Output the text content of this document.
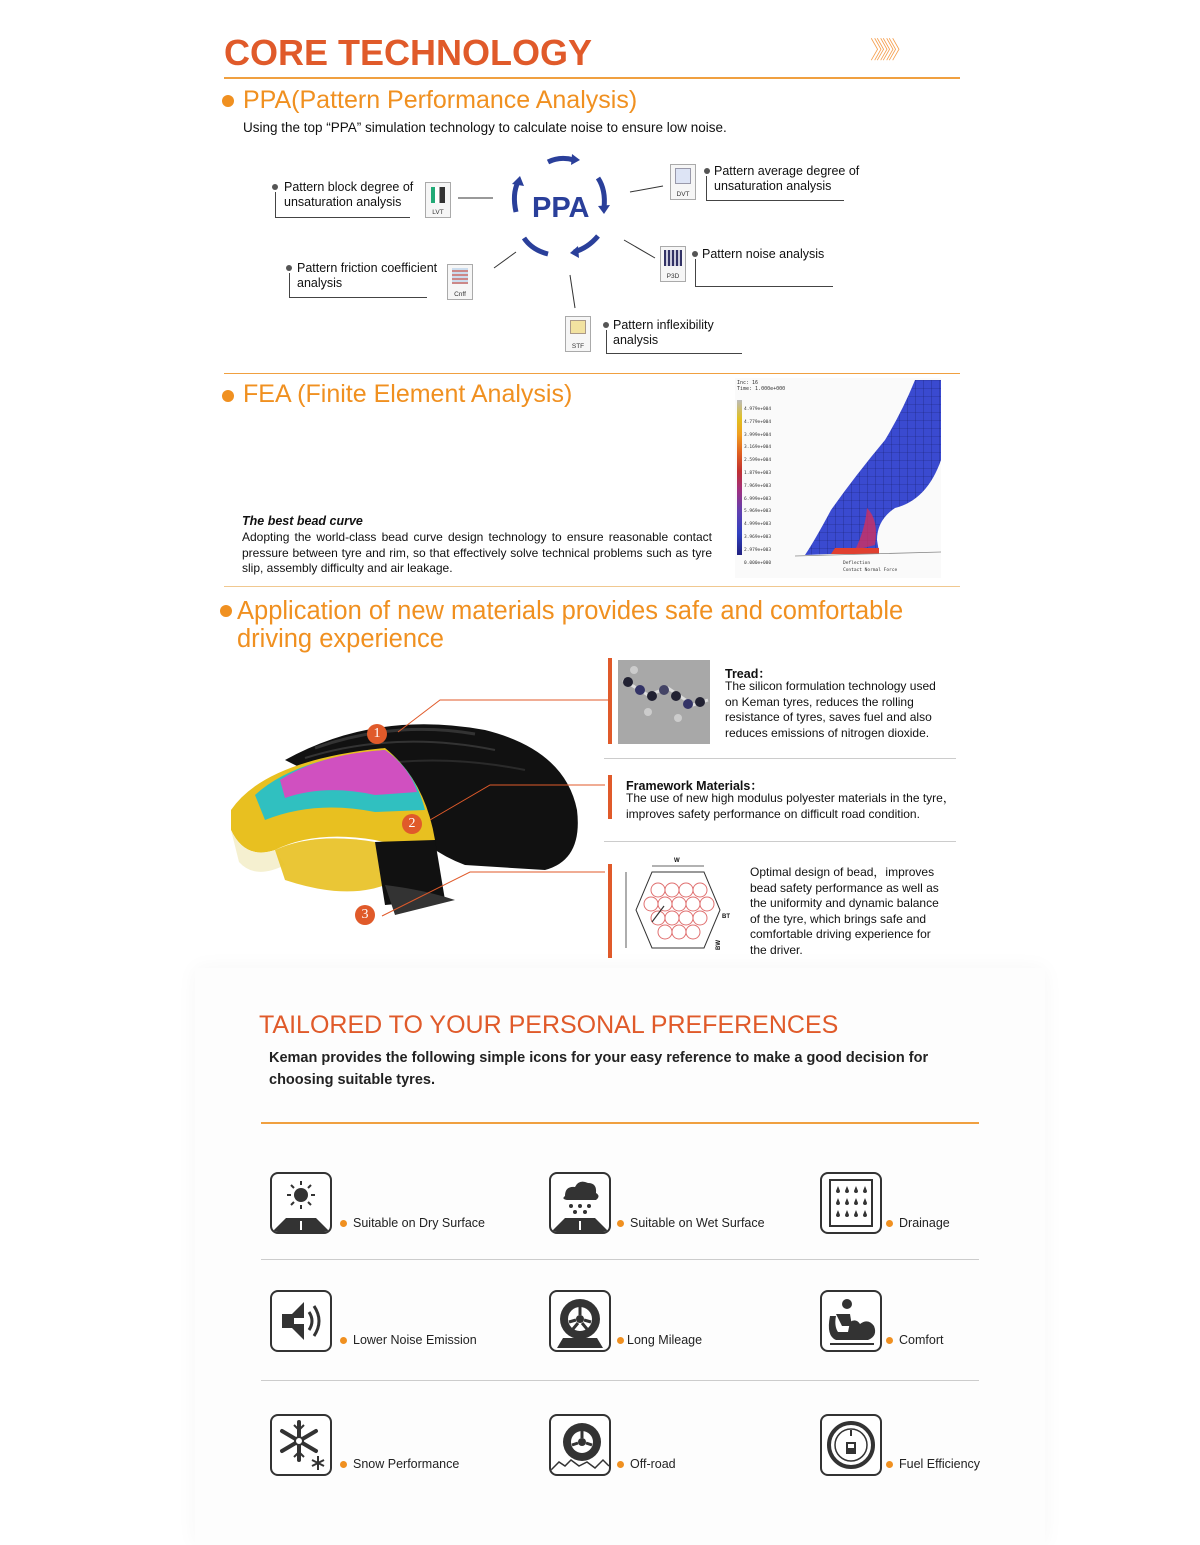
CORE TECHNOLOGY	》》》》
PPA(Pattern Performance Analysis)
Using the top “PPA” simulation technology to calculate noise to ensure low noise.
PPA
Pattern block degree of unsaturation analysis
LVT
Pattern average degree of unsaturation analysis
DVT
Pattern noise analysis
P3D
Pattern friction coefficient analysis
Cnff
Pattern inflexibility analysis
STF
FEA (Finite Element Analysis)
The best bead curve
Adopting the world-class bead curve design technology to ensure reasonable contact pressure between tyre and rim, so that effectively solve technical problems such as tyre slip, assembly difficulty and air leakage.
Inc: 16
Time: 1.000e+000
4.979e+004
4.779e+004
3.999e+004
3.169e+004
2.599e+004
1.879e+003
7.969e+003
6.999e+003
5.969e+003
4.999e+003
3.969e+003
2.979e+003
0.000e+000	Deflection
Contact Normal Force
Application of new materials provides safe and comfortable driving experience
1
2
3
Tread：
The silicon formulation technology used on Keman tyres, reduces the rolling resistance of tyres, saves fuel and also reduces emissions of nitrogen dioxide.
Framework Materials：
The use of new high modulus polyester materials in the tyre，improves safety performance on difficult road condition.
W
BT
BW
Optimal design of bead，improves bead safety performance as well as the uniformity and dynamic balance of the tyre, which brings safe and comfortable driving experience for the driver.
TAILORED TO YOUR PERSONAL PREFERENCES
Keman provides the following simple icons for your easy reference to make a good decision for choosing suitable tyres.
Suitable on Dry Surface	Suitable on Wet Surface	Drainage
Lower Noise Emission	Long Mileage	Comfort
Snow Performance	Off-road	Fuel Efficiency
